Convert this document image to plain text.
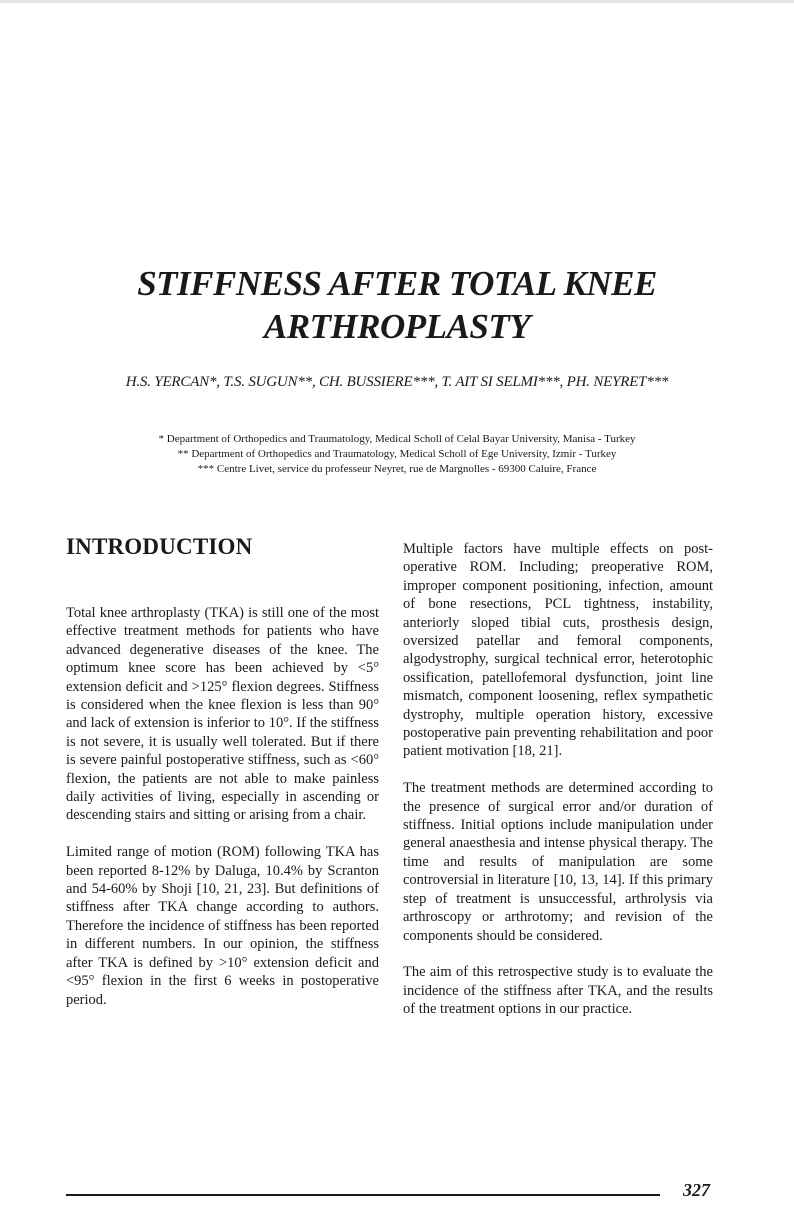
STIFFNESS AFTER TOTAL KNEE
ARTHROPLASTY

H.S. YERCAN*, T.S. SUGUN**, CH. BUSSIERE***, T. AIT SI SELMI***, PH. NEYRET***

* Department of Orthopedics and Traumatology, Medical Scholl of Celal Bayar University, Manisa - Turkey
** Department of Orthopedics and Traumatology, Medical Scholl of Ege University, Izmir - Turkey
*** Centre Livet, service du professeur Neyret, rue de Margnolles - 69300 Caluire, France
INTRODUCTION

Total knee arthroplasty (TKA) is still one of the most effective treatment methods for patients who have advanced degenerative diseases of the knee. The optimum knee score has been achieved by <5° extension deficit and >125° flexion degrees. Stiffness is considered when the knee flexion is less than 90° and lack of extension is inferior to 10°. If the stiffness is not severe, it is usually well tolerated. But if there is severe painful postoperative stiffness, such as <60° flexion, the patients are not able to make painless daily activities of living, especially in ascending or descending stairs and sitting or arising from a chair.

Limited range of motion (ROM) following TKA has been reported 8-12% by Daluga, 10.4% by Scranton and 54-60% by Shoji [10, 21, 23]. But definitions of stiffness after TKA change according to authors. Therefore the incidence of stiffness has been reported in different numbers. In our opinion, the stiffness after TKA is defined by >10° extension deficit and <95° flexion in the first 6 weeks in postoperative period.

Multiple factors have multiple effects on postoperative ROM. Including; preoperative ROM, improper component positioning, infection, amount of bone resections, PCL tightness, instability, anteriorly sloped tibial cuts, prosthesis design, oversized patellar and femoral components, algodystrophy, surgical technical error, heterotophic ossification, patellofemoral dysfunction, joint line mismatch, component loosening, reflex sympathetic dystrophy, multiple operation history, excessive postoperative pain preventing rehabilitation and poor patient motivation [18, 21].

The treatment methods are determined according to the presence of surgical error and/or duration of stiffness. Initial options include manipulation under general anaesthesia and intense physical therapy. The time and results of manipulation are some controversial in literature [10, 13, 14]. If this primary step of treatment is unsuccessful, arthrolysis via arthroscopy or arthrotomy; and revision of the components should be considered.

The aim of this retrospective study is to evaluate the incidence of the stiffness after TKA, and the results of the treatment options in our practice.

327
